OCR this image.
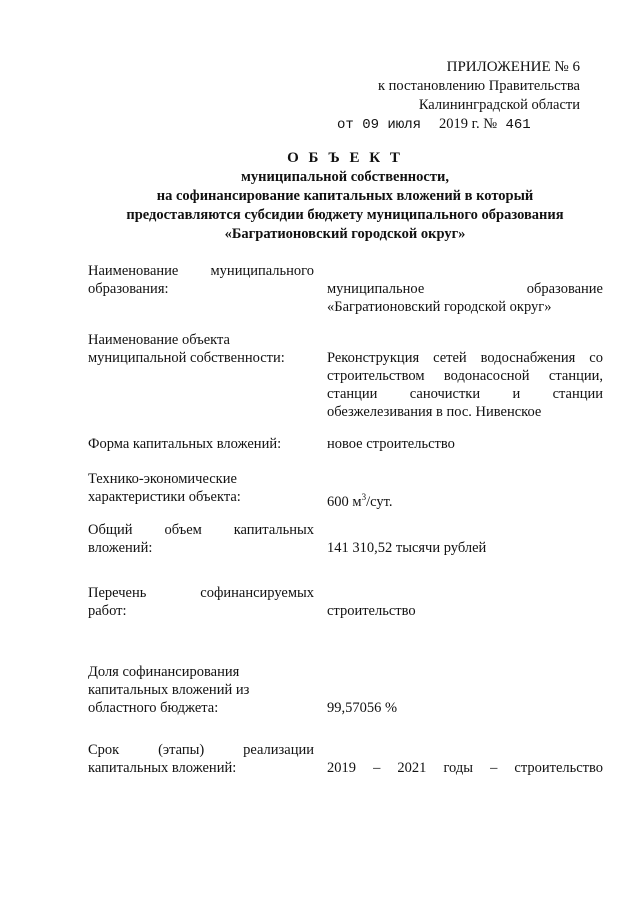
ПРИЛОЖЕНИЕ № 6
к постановлению Правительства
Калининградской области
от 09 июля 2019 г. № 461
О Б Ъ Е К Т
муниципальной собственности,
на софинансирование капитальных вложений в который
предоставляются субсидии бюджету муниципального образования
«Багратионовский городской округ»
Наименование муниципального
образования:	муниципальное образование
«Багратионовский городской округ»
Наименование объекта
муниципальной собственности:	Реконструкция сетей водоснабжения со строительством водонасосной станции, станции саночистки и станции обезжелезивания в пос. Нивенское
Форма капитальных вложений:	новое строительство
Технико-экономические
характеристики объекта:	600 $м^3$/сут.
Общий объем капитальных
вложений:	141 310,52 тысячи рублей
Перечень софинансируемых
работ:	строительство
Доля софинансирования
капитальных вложений из
областного бюджета:	99,57056 %
Срок (этапы) реализации
капитальных вложений:	2019 – 2021 годы – строительство
